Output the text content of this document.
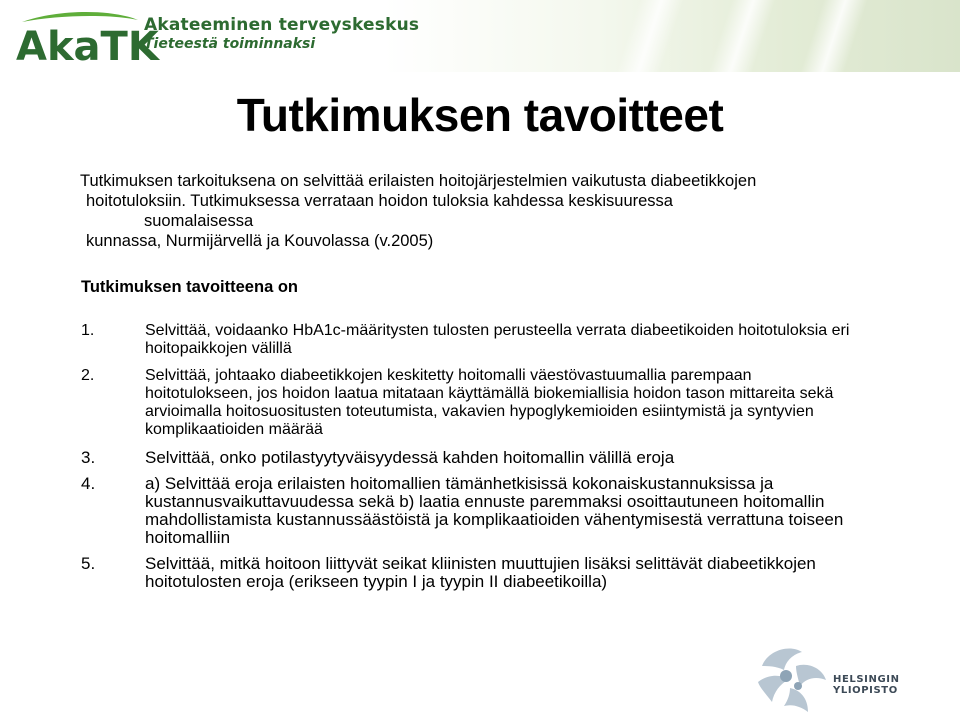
AkaTK
Akateeminen terveyskeskus
Tieteestä toiminnaksi
Tutkimuksen tavoitteet
Tutkimuksen tarkoituksena on selvittää erilaisten hoitojärjestelmien vaikutusta diabeetikkojen
hoitotuloksiin. Tutkimuksessa verrataan hoidon tuloksia kahdessa keskisuuressa
suomalaisessa
kunnassa, Nurmijärvellä ja Kouvolassa (v.2005)
Tutkimuksen tavoitteena on
1.	Selvittää, voidaanko HbA1c-määritysten tulosten perusteella verrata diabeetikoiden hoitotuloksia eri hoitopaikkojen välillä
2.	Selvittää, johtaako diabeetikkojen keskitetty hoitomalli väestövastuumallia parempaan hoitotulokseen, jos hoidon laatua mitataan käyttämällä biokemiallisia hoidon tason mittareita sekä arvioimalla hoitosuositusten toteutumista, vakavien hypoglykemioiden esiintymistä ja syntyvien komplikaatioiden määrää
3.	Selvittää, onko potilastyytyväisyydessä kahden hoitomallin välillä eroja
4.	a) Selvittää eroja erilaisten hoitomallien tämänhetkisissä kokonaiskustannuksissa ja kustannusvaikuttavuudessa sekä b) laatia ennuste paremmaksi osoittautuneen hoitomallin mahdollistamista kustannussäästöistä ja komplikaatioiden vähentymisestä verrattuna toiseen hoitomalliin
5.	Selvittää, mitkä hoitoon liittyvät seikat kliinisten muuttujien lisäksi selittävät diabeetikkojen hoitotulosten eroja (erikseen tyypin I ja tyypin II diabeetikoilla)
HELSINGIN YLIOPISTO
